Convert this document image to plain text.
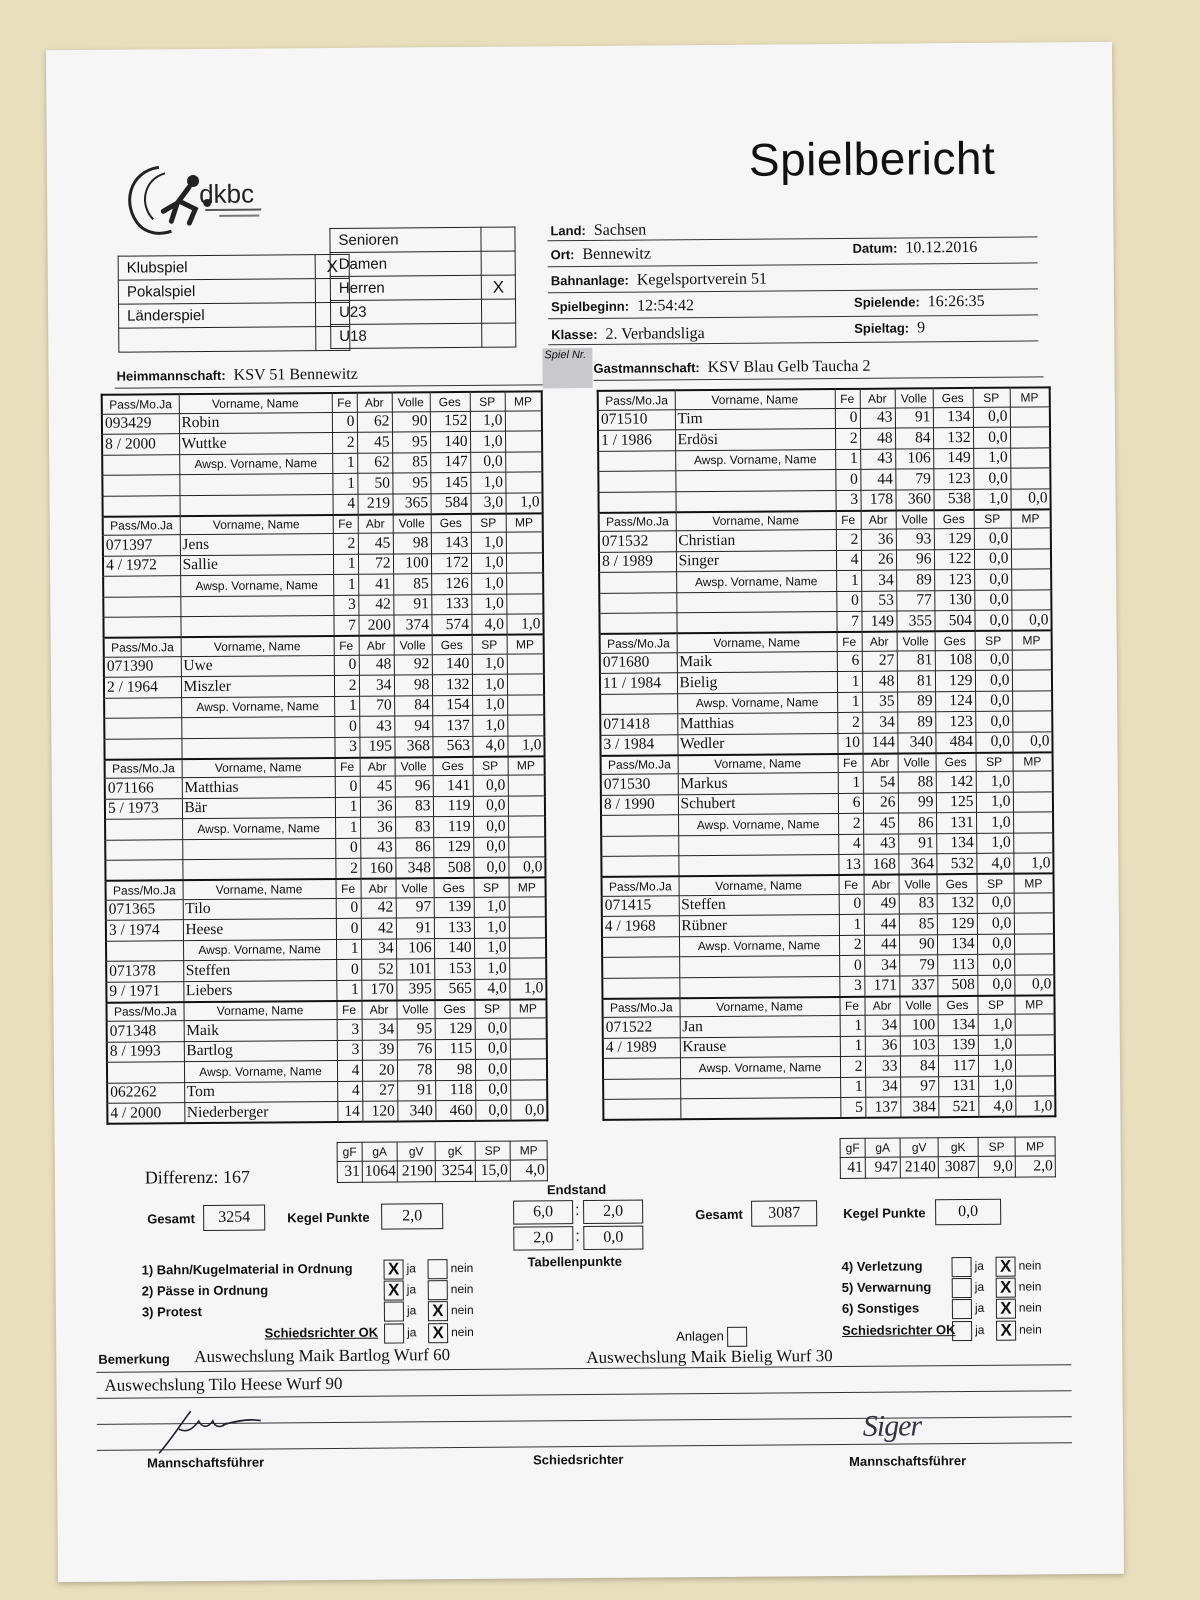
dkbc
Spielbericht
Klubspiel	X
Pokalspiel	
Länderspiel	

Senioren	
Damen	
Herren	X
U23	
U18	
Land: Sachsen
Ort: Bennewitz	Datum: 10.12.2016
Bahnanlage: Kegelsportverein 51
Spielbeginn: 12:54:42	Spielende: 16:26:35
Klasse: 2. Verbandsliga	Spieltag: 9
Heimmannschaft: KSV 51 Bennewitz
Spiel Nr.
Gastmannschaft: KSV Blau Gelb Taucha 2
Pass/Mo.Ja	Vorname, Name	Fe	Abr	Volle	Ges	SP	MP
093429	Robin	0	62	90	152	1,0	
8 / 2000	Wuttke	2	45	95	140	1,0	
	Awsp. Vorname, Name	1	62	85	147	0,0	
		1	50	95	145	1,0	
		4	219	365	584	3,0	1,0
Pass/Mo.Ja	Vorname, Name	Fe	Abr	Volle	Ges	SP	MP
071397	Jens	2	45	98	143	1,0	
4 / 1972	Sallie	1	72	100	172	1,0	
	Awsp. Vorname, Name	1	41	85	126	1,0	
		3	42	91	133	1,0	
		7	200	374	574	4,0	1,0
Pass/Mo.Ja	Vorname, Name	Fe	Abr	Volle	Ges	SP	MP
071390	Uwe	0	48	92	140	1,0	
2 / 1964	Miszler	2	34	98	132	1,0	
	Awsp. Vorname, Name	1	70	84	154	1,0	
		0	43	94	137	1,0	
		3	195	368	563	4,0	1,0
Pass/Mo.Ja	Vorname, Name	Fe	Abr	Volle	Ges	SP	MP
071166	Matthias	0	45	96	141	0,0	
5 / 1973	Bär	1	36	83	119	0,0	
	Awsp. Vorname, Name	1	36	83	119	0,0	
		0	43	86	129	0,0	
		2	160	348	508	0,0	0,0
Pass/Mo.Ja	Vorname, Name	Fe	Abr	Volle	Ges	SP	MP
071365	Tilo	0	42	97	139	1,0	
3 / 1974	Heese	0	42	91	133	1,0	
	Awsp. Vorname, Name	1	34	106	140	1,0	
071378	Steffen	0	52	101	153	1,0	
9 / 1971	Liebers	1	170	395	565	4,0	1,0
Pass/Mo.Ja	Vorname, Name	Fe	Abr	Volle	Ges	SP	MP
071348	Maik	3	34	95	129	0,0	
8 / 1993	Bartlog	3	39	76	115	0,0	
	Awsp. Vorname, Name	4	20	78	98	0,0	
062262	Tom	4	27	91	118	0,0	
4 / 2000	Niederberger	14	120	340	460	0,0	0,0
Pass/Mo.Ja	Vorname, Name	Fe	Abr	Volle	Ges	SP	MP
071510	Tim	0	43	91	134	0,0	
1 / 1986	Erdösi	2	48	84	132	0,0	
	Awsp. Vorname, Name	1	43	106	149	1,0	
		0	44	79	123	0,0	
		3	178	360	538	1,0	0,0
Pass/Mo.Ja	Vorname, Name	Fe	Abr	Volle	Ges	SP	MP
071532	Christian	2	36	93	129	0,0	
8 / 1989	Singer	4	26	96	122	0,0	
	Awsp. Vorname, Name	1	34	89	123	0,0	
		0	53	77	130	0,0	
		7	149	355	504	0,0	0,0
Pass/Mo.Ja	Vorname, Name	Fe	Abr	Volle	Ges	SP	MP
071680	Maik	6	27	81	108	0,0	
11 / 1984	Bielig	1	48	81	129	0,0	
	Awsp. Vorname, Name	1	35	89	124	0,0	
071418	Matthias	2	34	89	123	0,0	
3 / 1984	Wedler	10	144	340	484	0,0	0,0
Pass/Mo.Ja	Vorname, Name	Fe	Abr	Volle	Ges	SP	MP
071530	Markus	1	54	88	142	1,0	
8 / 1990	Schubert	6	26	99	125	1,0	
	Awsp. Vorname, Name	2	45	86	131	1,0	
		4	43	91	134	1,0	
		13	168	364	532	4,0	1,0
Pass/Mo.Ja	Vorname, Name	Fe	Abr	Volle	Ges	SP	MP
071415	Steffen	0	49	83	132	0,0	
4 / 1968	Rübner	1	44	85	129	0,0	
	Awsp. Vorname, Name	2	44	90	134	0,0	
		0	34	79	113	0,0	
		3	171	337	508	0,0	0,0
Pass/Mo.Ja	Vorname, Name	Fe	Abr	Volle	Ges	SP	MP
071522	Jan	1	34	100	134	1,0	
4 / 1989	Krause	1	36	103	139	1,0	
	Awsp. Vorname, Name	2	33	84	117	1,0	
		1	34	97	131	1,0	
		5	137	384	521	4,0	1,0
gF	gA	gV	gK	SP	MP
31	1064	2190	3254	15,0	4,0
gF	gA	gV	gK	SP	MP
41	947	2140	3087	9,0	2,0
Differenz: 167
Gesamt	3254	Kegel Punkte	2,0
Endstand
6,0	:	2,0
2,0	:	0,0
Tabellenpunkte
Gesamt	3087	Kegel Punkte	0,0
1) Bahn/Kugelmaterial in Ordnung X ja	nein
2) Pässe in Ordnung	X ja	nein
3) Protest	ja X nein
Schiedsrichter OK ja X nein
4) Verletzung	ja X nein
5) Verwarnung	ja X nein
6) Sonstiges	ja X nein
Schiedsrichter OK ja X nein
Anlagen
Bemerkung Auswechslung Maik Bartlog Wurf 60	Auswechslung Maik Bielig Wurf 30
Auswechslung Tilo Heese Wurf 90
Mannschaftsführer	Schiedsrichter
Siger
Mannschaftsführer
